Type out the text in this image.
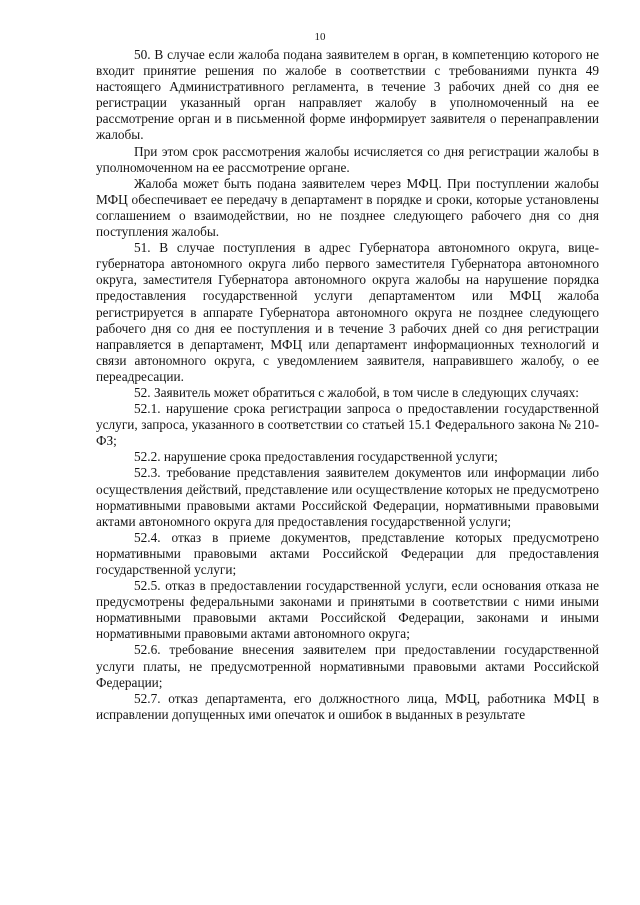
10

50. В случае если жалоба подана заявителем в орган, в компетенцию которого не входит принятие решения по жалобе в соответствии с требованиями пункта 49 настоящего Административного регламента, в течение 3 рабочих дней со дня ее регистрации указанный орган направляет жалобу в уполномоченный на ее рассмотрение орган и в письменной форме информирует заявителя о перенаправлении жалобы.

При этом срок рассмотрения жалобы исчисляется со дня регистрации жалобы в уполномоченном на ее рассмотрение органе.

Жалоба может быть подана заявителем через МФЦ. При поступлении жалобы МФЦ обеспечивает ее передачу в департамент в порядке и сроки, которые установлены соглашением о взаимодействии, но не позднее следующего рабочего дня со дня поступления жалобы.

51. В случае поступления в адрес Губернатора автономного округа, вице-губернатора автономного округа либо первого заместителя Губернатора автономного округа, заместителя Губернатора автономного округа жалобы на нарушение порядка предоставления государственной услуги департаментом или МФЦ жалоба регистрируется в аппарате Губернатора автономного округа не позднее следующего рабочего дня со дня ее поступления и в течение 3 рабочих дней со дня регистрации направляется в департамент, МФЦ или департамент информационных технологий и связи автономного округа, с уведомлением заявителя, направившего жалобу, о ее переадресации.

52. Заявитель может обратиться с жалобой, в том числе в следующих случаях:

52.1. нарушение срока регистрации запроса о предоставлении государственной услуги, запроса, указанного в соответствии со статьей 15.1 Федерального закона № 210-ФЗ;

52.2. нарушение срока предоставления государственной услуги;

52.3. требование представления заявителем документов или информации либо осуществления действий, представление или осуществление которых не предусмотрено нормативными правовыми актами Российской Федерации, нормативными правовыми актами автономного округа для предоставления государственной услуги;

52.4. отказ в приеме документов, представление которых предусмотрено нормативными правовыми актами Российской Федерации для предоставления государственной услуги;

52.5. отказ в предоставлении государственной услуги, если основания отказа не предусмотрены федеральными законами и принятыми в соответствии с ними иными нормативными правовыми актами Российской Федерации, законами и иными нормативными правовыми актами автономного округа;

52.6. требование внесения заявителем при предоставлении государственной услуги платы, не предусмотренной нормативными правовыми актами Российской Федерации;

52.7. отказ департамента, его должностного лица, МФЦ, работника МФЦ в исправлении допущенных ими опечаток и ошибок в выданных в результате
